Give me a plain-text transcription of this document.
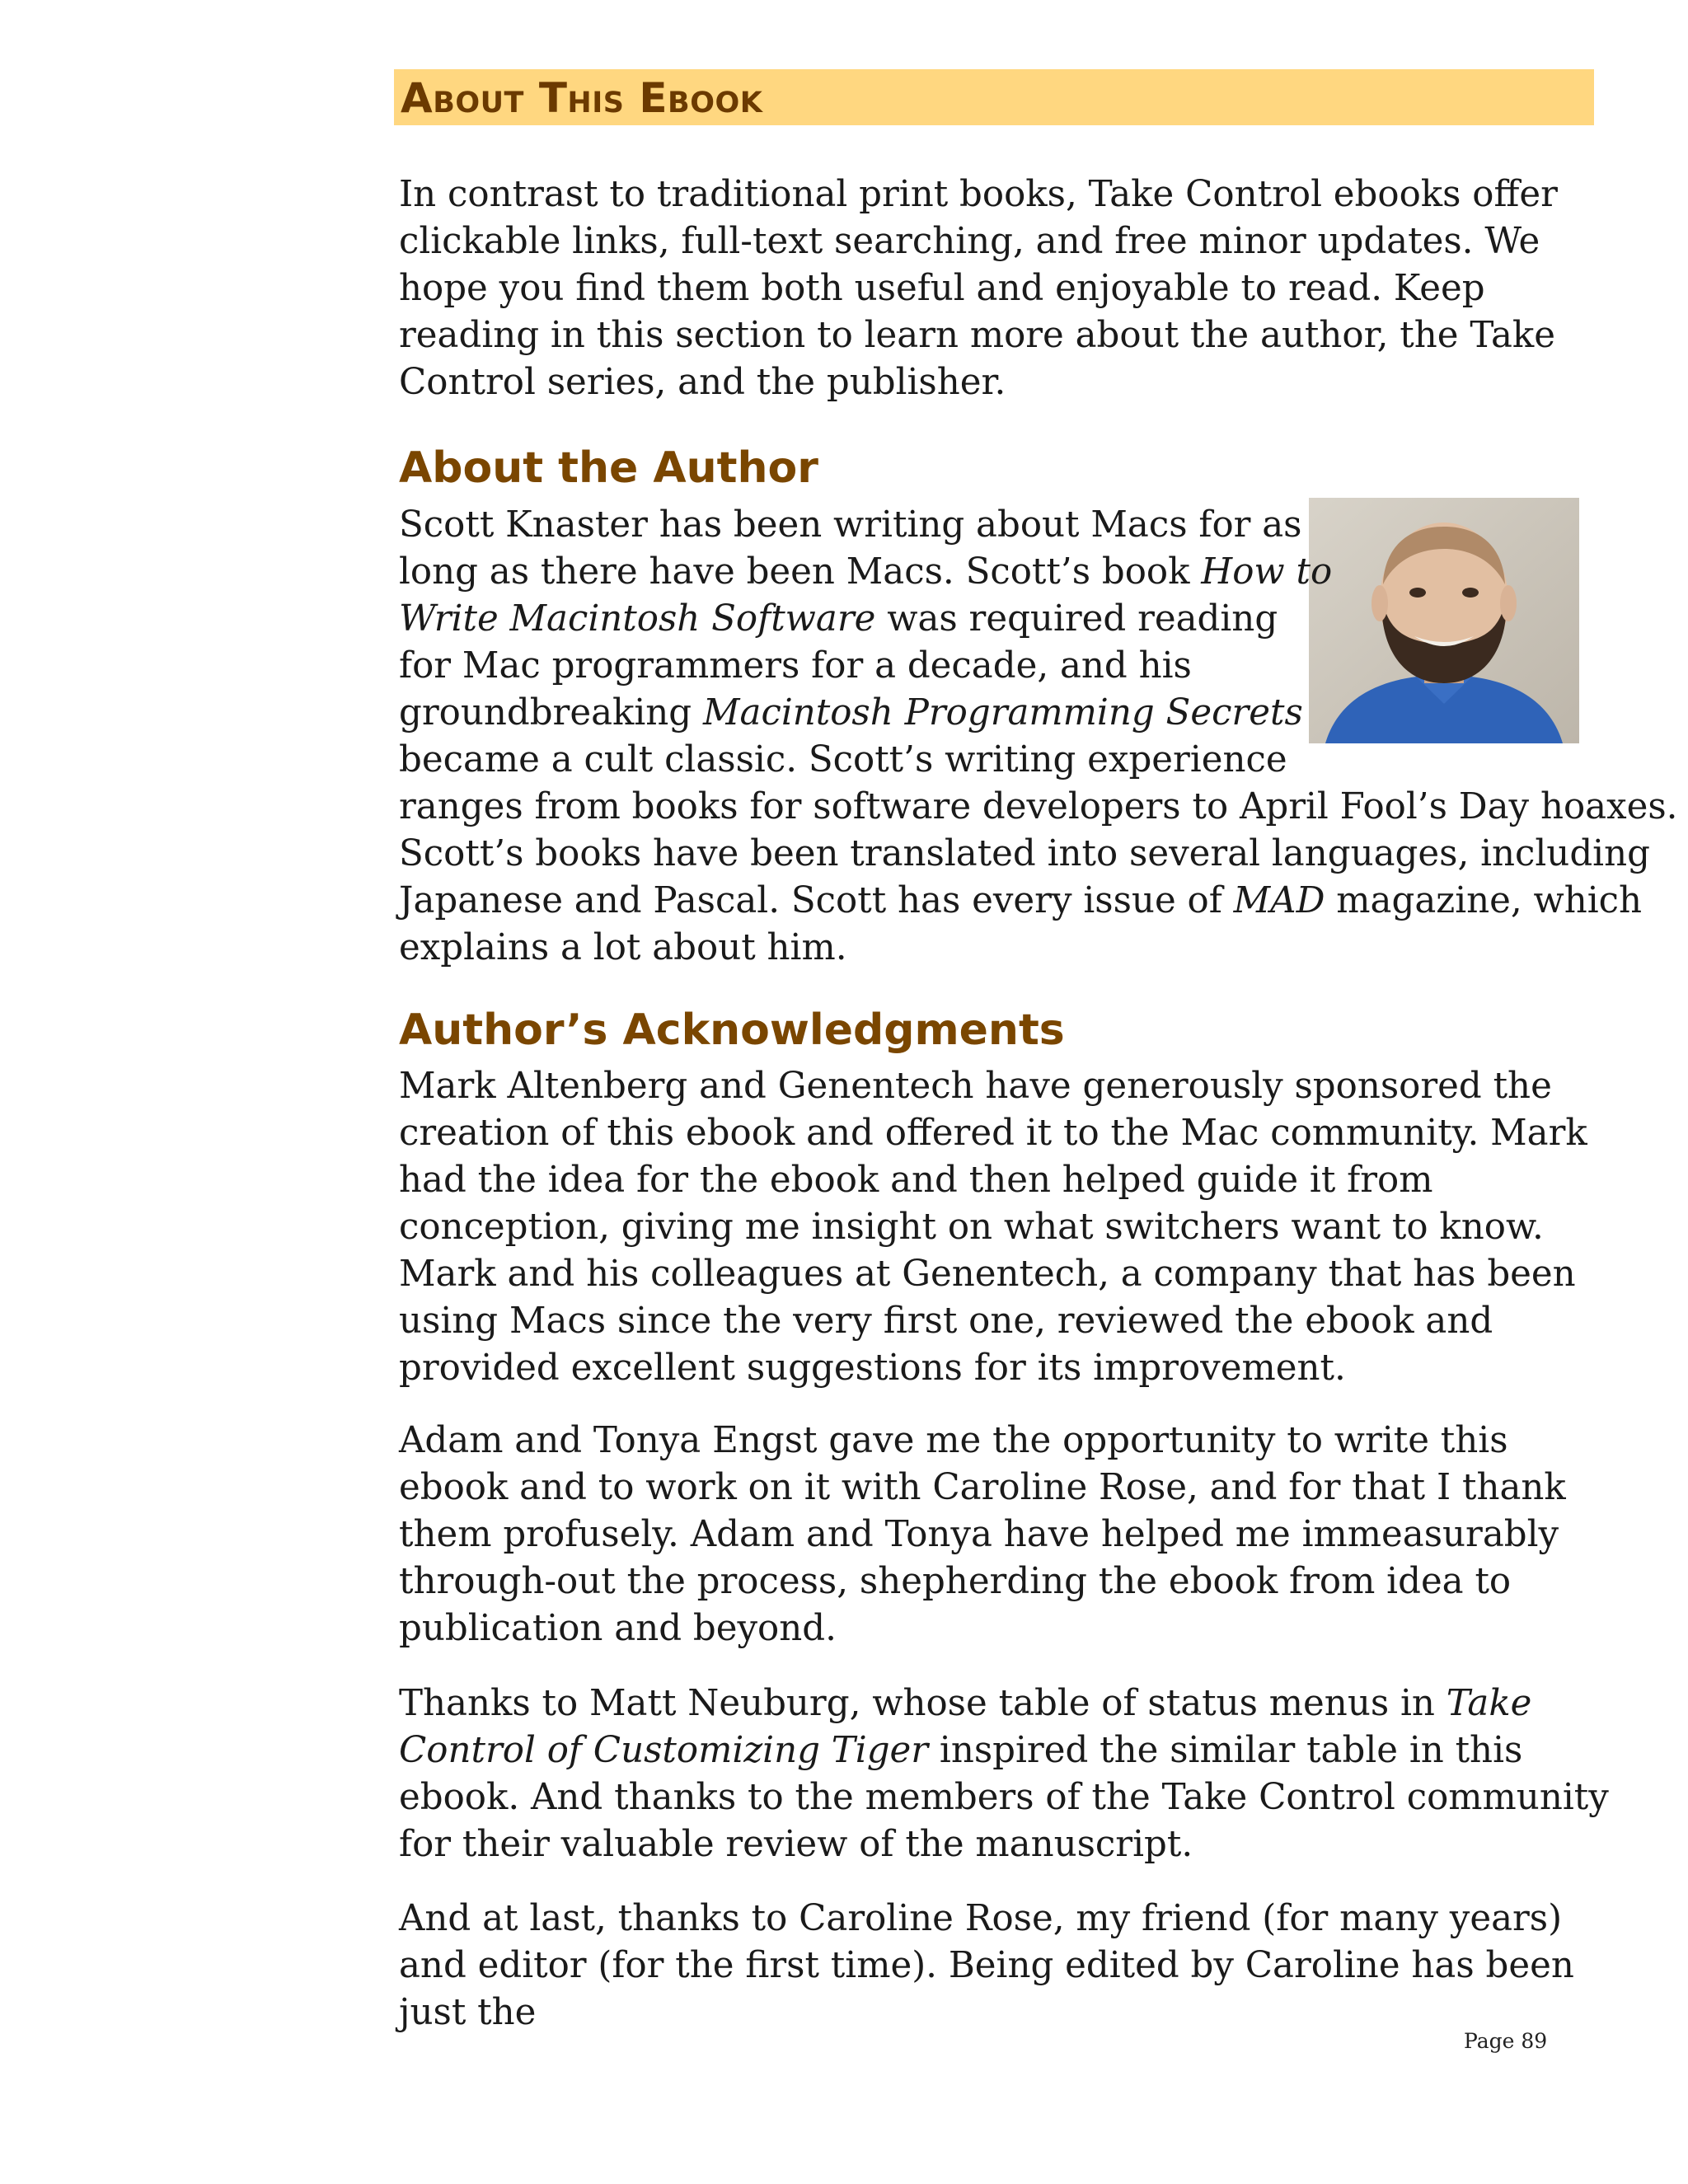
About This Ebook

In contrast to traditional print books, Take Control ebooks offer clickable links, full-text searching, and free minor updates. We hope you find them both useful and enjoyable to read. Keep reading in this section to learn more about the author, the Take Control series, and the publisher.

About the Author
Scott Knaster has been writing about Macs for as
long as there have been Macs. Scott’s book How to
Write Macintosh Software was required reading
for Mac programmers for a decade, and his
groundbreaking Macintosh Programming Secrets
became a cult classic. Scott’s writing experience
ranges from books for software developers to April Fool’s Day hoaxes.
Scott’s books have been translated into several languages, including
Japanese and Pascal. Scott has every issue of MAD magazine, which
explains a lot about him.
Author’s Acknowledgments

Mark Altenberg and Genentech have generously sponsored the creation of this ebook and offered it to the Mac community. Mark had the idea for the ebook and then helped guide it from conception, giving me insight on what switchers want to know. Mark and his colleagues at Genentech, a company that has been using Macs since the very first one, reviewed the ebook and provided excellent suggestions for its improvement.

Adam and Tonya Engst gave me the opportunity to write this ebook and to work on it with Caroline Rose, and for that I thank them profusely. Adam and Tonya have helped me immeasurably through-out the process, shepherding the ebook from idea to publication and beyond.

Thanks to Matt Neuburg, whose table of status menus in Take Control of Customizing Tiger inspired the similar table in this ebook. And thanks to the members of the Take Control community for their valuable review of the manuscript.

And at last, thanks to Caroline Rose, my friend (for many years) and editor (for the first time). Being edited by Caroline has been just the

Page 89
